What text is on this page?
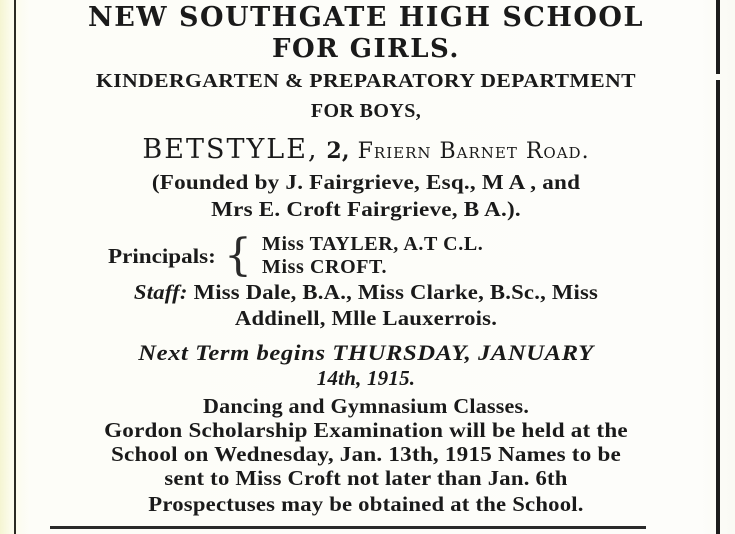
NEW SOUTHGATE HIGH SCHOOL
FOR GIRLS.
KINDERGARTEN & PREPARATORY DEPARTMENT
FOR BOYS,
BETSTYLE, 2, Friern Barnet Road.
(Founded by J. Fairgrieve, Esq., M A , and
Mrs E. Croft Fairgrieve, B A.).
Principals: { Miss TAYLER, A.T C.L.
Miss CROFT.
Staff: Miss Dale, B.A., Miss Clarke, B.Sc., Miss
Addinell, Mlle Lauxerrois.
Next Term begins THURSDAY, JANUARY
14th, 1915.
Dancing and Gymnasium Classes.
Gordon Scholarship Examination will be held at the
School on Wednesday, Jan. 13th, 1915 Names to be
sent to Miss Croft not later than Jan. 6th
Prospectuses may be obtained at the School.
